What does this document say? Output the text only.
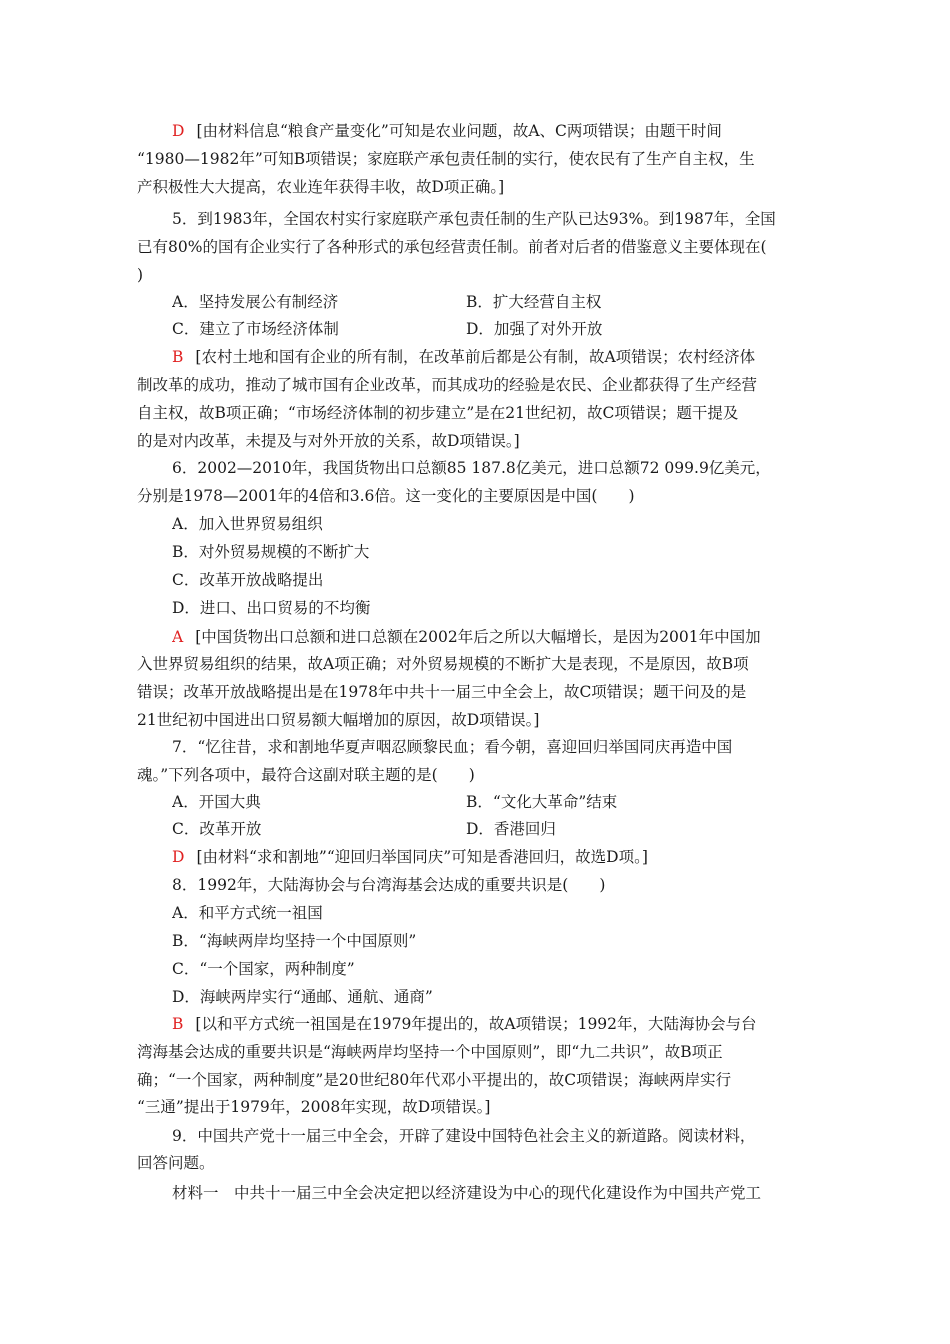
D [由材料信息“粮食产量变化”可知是农业问题，故A、C两项错误；由题干时间
“1980—1982年”可知B项错误；家庭联产承包责任制的实行，使农民有了生产自主权，生
产积极性大大提高，农业连年获得丰收，故D项正确。]
5．到1983年，全国农村实行家庭联产承包责任制的生产队已达93%。到1987年，全国
已有80%的国有企业实行了各种形式的承包经营责任制。前者对后者的借鉴意义主要体现在(
)
A．坚持发展公有制经济	B．扩大经营自主权
C．建立了市场经济体制	D．加强了对外开放
B [农村土地和国有企业的所有制，在改革前后都是公有制，故A项错误；农村经济体
制改革的成功，推动了城市国有企业改革，而其成功的经验是农民、企业都获得了生产经营
自主权，故B项正确；“市场经济体制的初步建立”是在21世纪初，故C项错误；题干提及
的是对内改革，未提及与对外开放的关系，故D项错误。]
6．2002—2010年，我国货物出口总额85 187.8亿美元，进口总额72 099.9亿美元，
分别是1978—2001年的4倍和3.6倍。这一变化的主要原因是中国(　　)
A．加入世界贸易组织
B．对外贸易规模的不断扩大
C．改革开放战略提出
D．进口、出口贸易的不均衡
A [中国货物出口总额和进口总额在2002年后之所以大幅增长，是因为2001年中国加
入世界贸易组织的结果，故A项正确；对外贸易规模的不断扩大是表现，不是原因，故B项
错误；改革开放战略提出是在1978年中共十一届三中全会上，故C项错误；题干问及的是
21世纪初中国进出口贸易额大幅增加的原因，故D项错误。]
7．“忆往昔，求和割地华夏声咽忍顾黎民血；看今朝，喜迎回归举国同庆再造中国
魂。”下列各项中，最符合这副对联主题的是(　　)
A．开国大典	B．“文化大革命”结束
C．改革开放	D．香港回归
D [由材料“求和割地”“迎回归举国同庆”可知是香港回归，故选D项。]
8．1992年，大陆海协会与台湾海基会达成的重要共识是(　　)
A．和平方式统一祖国
B．“海峡两岸均坚持一个中国原则”
C．“一个国家，两种制度”
D．海峡两岸实行“通邮、通航、通商”
B [以和平方式统一祖国是在1979年提出的，故A项错误；1992年，大陆海协会与台
湾海基会达成的重要共识是“海峡两岸均坚持一个中国原则”，即“九二共识”，故B项正
确；“一个国家，两种制度”是20世纪80年代邓小平提出的，故C项错误；海峡两岸实行
“三通”提出于1979年，2008年实现，故D项错误。]
9．中国共产党十一届三中全会，开辟了建设中国特色社会主义的新道路。阅读材料，
回答问题。
材料一　中共十一届三中全会决定把以经济建设为中心的现代化建设作为中国共产党工
